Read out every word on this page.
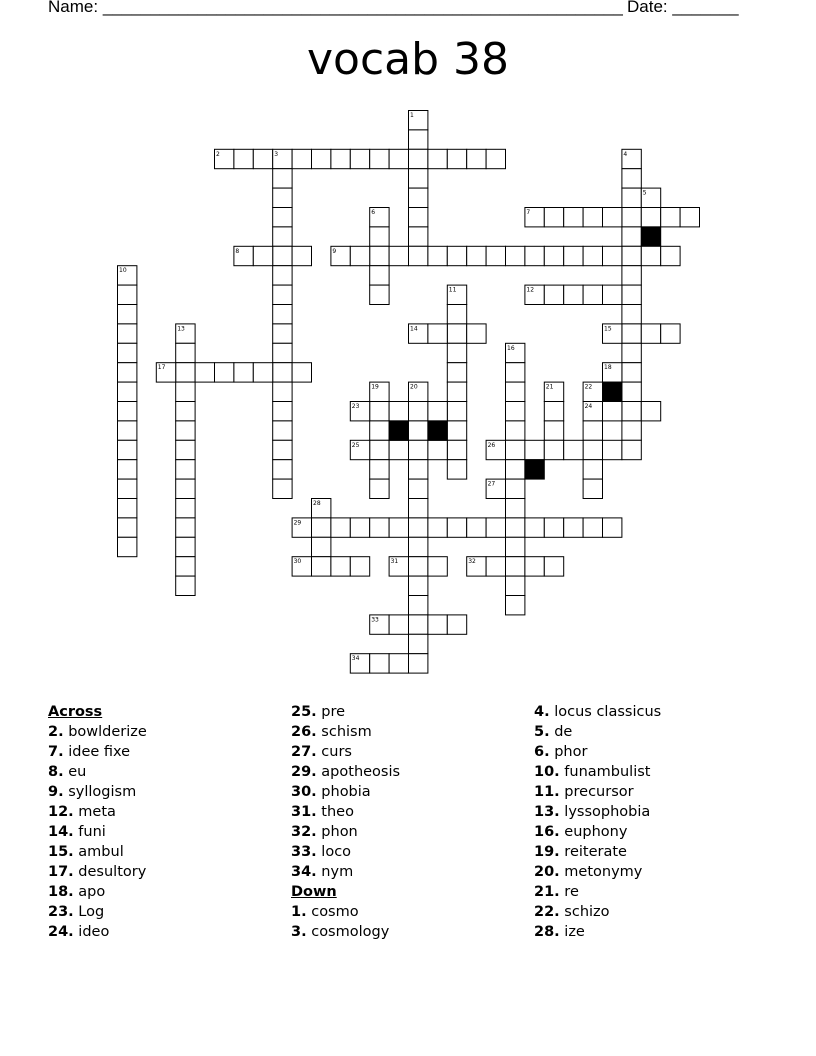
Name: _______________________________________________________ Date: _______
vocab 38
1
2	3	4
5
6	7
8	9
10
11	12
13	14	15
16
17	18
19	20	21	22
23	24
25	26
27
28
29
30	31	32
33
34
Across
2. bowlderize
7. idee fixe
8. eu
9. syllogism
12. meta
14. funi
15. ambul
17. desultory
18. apo
23. Log
24. ideo
25. pre
26. schism
27. curs
29. apotheosis
30. phobia
31. theo
32. phon
33. loco
34. nym
Down
1. cosmo
3. cosmology
4. locus classicus
5. de
6. phor
10. funambulist
11. precursor
13. lyssophobia
16. euphony
19. reiterate
20. metonymy
21. re
22. schizo
28. ize
